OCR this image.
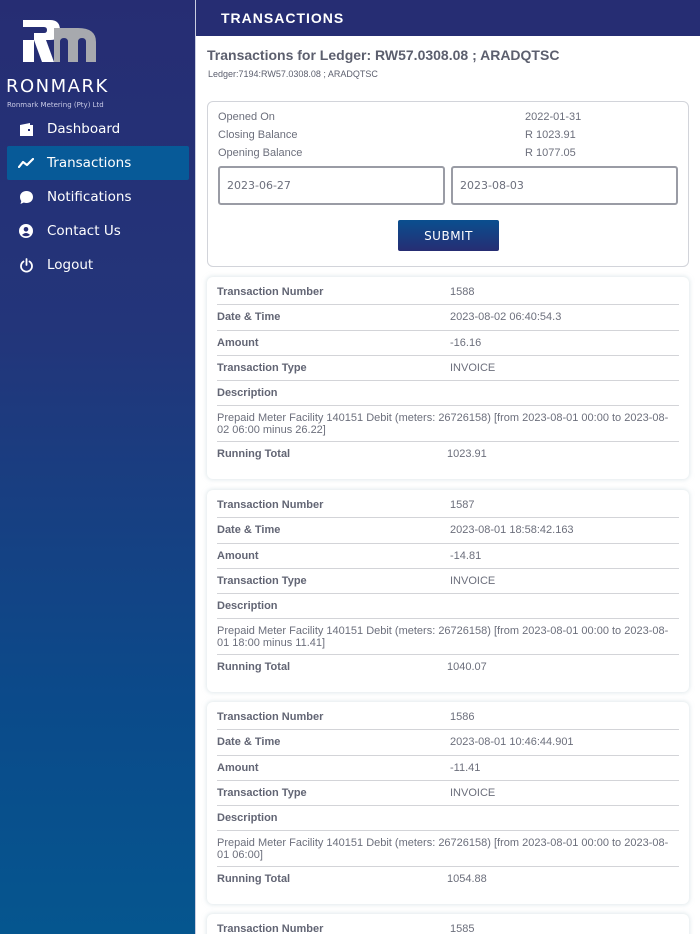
RONMARK
Ronmark Metering (Pty) Ltd
Dashboard
Transactions
Notifications
Contact Us
Logout
TRANSACTIONS
Transactions for Ledger: RW57.0308.08 ; ARADQTSC
Ledger:7194:RW57.0308.08 ; ARADQTSC
Opened On	2022-01-31
Closing Balance	R 1023.91
Opening Balance	R 1077.05
2023-06-27
2023-08-03
SUBMIT
Transaction Number	1588
Date & Time	2023-08-02 06:40:54.3
Amount	-16.16
Transaction Type	INVOICE
Description
Prepaid Meter Facility 140151 Debit (meters: 26726158) [from 2023-08-01 00:00 to 2023-08-02 06:00 minus 26.22]
Running Total	1023.91
Transaction Number	1587
Date & Time	2023-08-01 18:58:42.163
Amount	-14.81
Transaction Type	INVOICE
Description
Prepaid Meter Facility 140151 Debit (meters: 26726158) [from 2023-08-01 00:00 to 2023-08-01 18:00 minus 11.41]
Running Total	1040.07
Transaction Number	1586
Date & Time	2023-08-01 10:46:44.901
Amount	-11.41
Transaction Type	INVOICE
Description
Prepaid Meter Facility 140151 Debit (meters: 26726158) [from 2023-08-01 00:00 to 2023-08-01 06:00]
Running Total	1054.88
Transaction Number	1585
